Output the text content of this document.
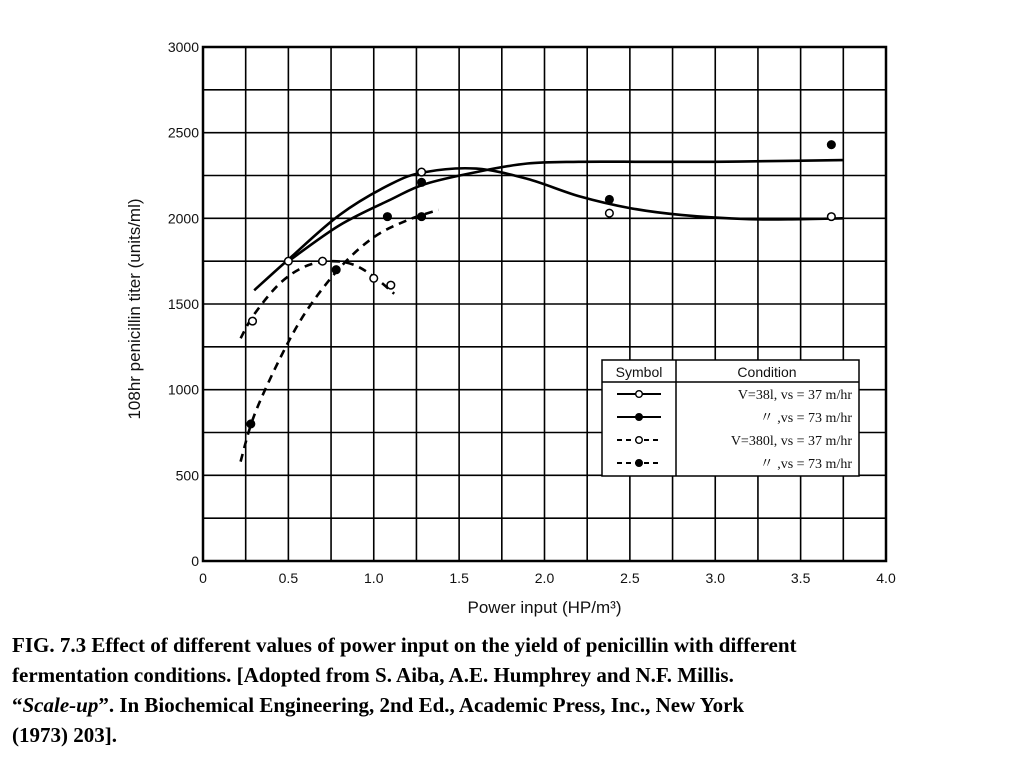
0	0.5	1.0	1.5	2.0	2.5	3.0	3.5	4.0
0
500
1000
1500
2000
2500
3000
Power input (HP/m³)
108hr penicillin titer (units/ml)	Symbol	Condition
V=38l, vs = 37 m/hr
〃 ,vs = 73 m/hr
V=380l, vs = 37 m/hr
〃 ,vs = 73 m/hr
FIG. 7.3 Effect of different values of power input on the yield of penicillin with different
fermentation conditions. [Adopted from S. Aiba, A.E. Humphrey and N.F. Millis.
“Scale-up”. In Biochemical Engineering, 2nd Ed., Academic Press, Inc., New York
(1973) 203].
